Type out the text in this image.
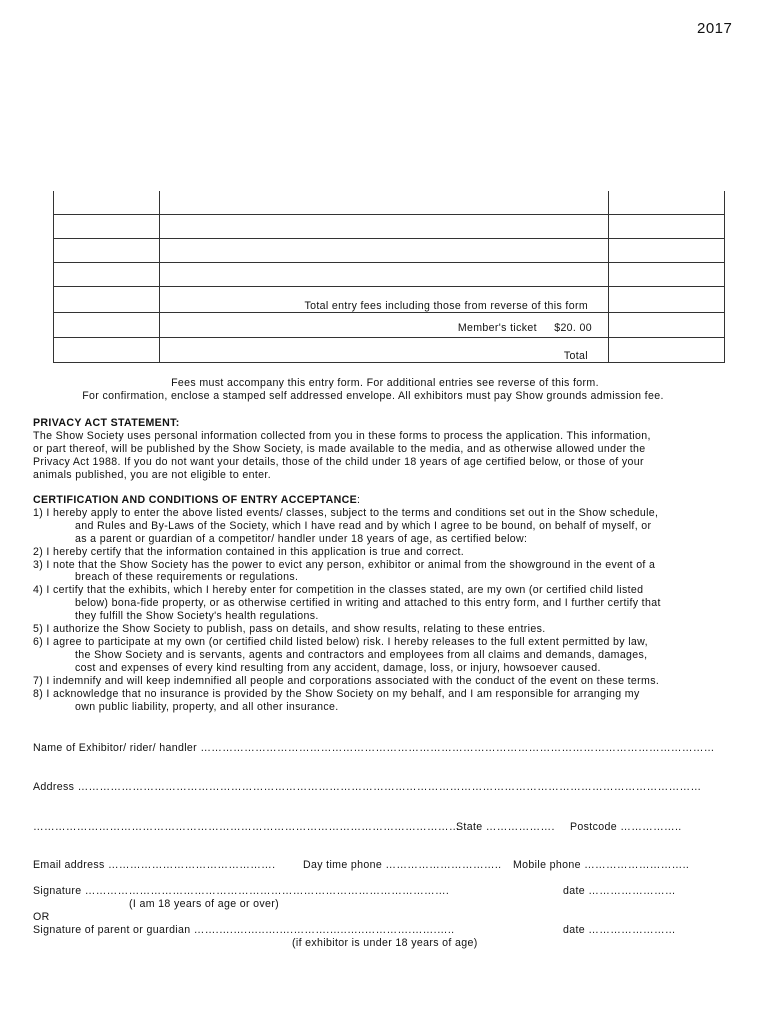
2017
Total entry fees including those from reverse of this form
Member's ticket $20. 00
Total
Fees must accompany this entry form. For additional entries see reverse of this form.
For confirmation, enclose a stamped self addressed envelope. All exhibitors must pay Show grounds admission fee.
PRIVACY ACT STATEMENT:
The Show Society uses personal information collected from you in these forms to process the application. This information,
or part thereof, will be published by the Show Society, is made available to the media, and as otherwise allowed under the
Privacy Act 1988. If you do not want your details, those of the child under 18 years of age certified below, or those of your
animals published, you are not eligible to enter.
CERTIFICATION AND CONDITIONS OF ENTRY ACCEPTANCE:
1) I hereby apply to enter the above listed events/ classes, subject to the terms and conditions set out in the Show schedule,
and Rules and By-Laws of the Society, which I have read and by which I agree to be bound, on behalf of myself, or
as a parent or guardian of a competitor/ handler under 18 years of age, as certified below:
2) I hereby certify that the information contained in this application is true and correct.
3) I note that the Show Society has the power to evict any person, exhibitor or animal from the showground in the event of a
breach of these requirements or regulations.
4) I certify that the exhibits, which I hereby enter for competition in the classes stated, are my own (or certified child listed
below) bona-fide property, or as otherwise certified in writing and attached to this entry form, and I further certify that
they fulfill the Show Society's health regulations.
5) I authorize the Show Society to publish, pass on details, and show results, relating to these entries.
6) I agree to participate at my own (or certified child listed below) risk. I hereby releases to the full extent permitted by law,
the Show Society and is servants, agents and contractors and employees from all claims and demands, damages,
cost and expenses of every kind resulting from any accident, damage, loss, or injury, howsoever caused.
7) I indemnify and will keep indemnified all people and corporations associated with the conduct of the event on these terms.
8) I acknowledge that no insurance is provided by the Show Society on my behalf, and I am responsible for arranging my
own public liability, property, and all other insurance.
Name of Exhibitor/ rider/ handler ……………………………………………………………………………………………………………………………
Address ………………………………………………………………………………………………………………………………………………………
………………………………………………………………………………………………………
State ………………. Postcode ……………..
Email address ……………………………………….	Day time phone ………………………….. Mobile phone ………………………..
Signature ……………………………………………………………………………………….	date ……………………
(I am 18 years of age or over)
OR
Signature of parent or guardian …….….….…..….….……….…..…..………….…….…..	date ……………………
(if exhibitor is under 18 years of age)
